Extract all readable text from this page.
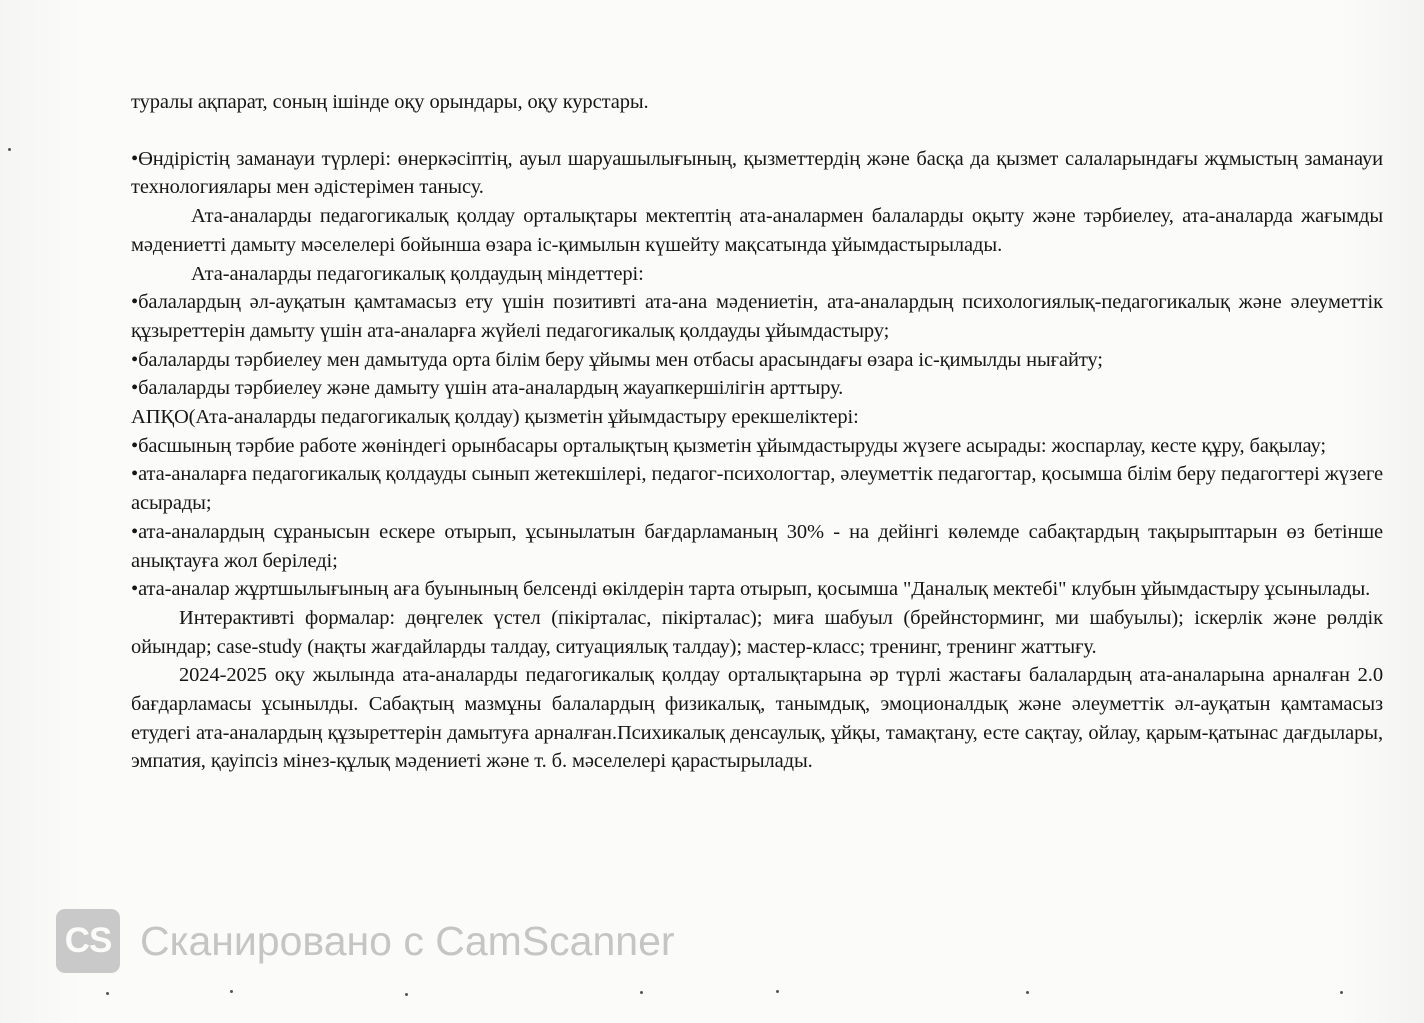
туралы ақпарат, соның ішінде оқу орындары, оқу курстары.

•Өндірістің заманауи түрлері: өнеркәсіптің, ауыл шаруашылығының, қызметтердің және басқа да қызмет салаларындағы жұмыстың заманауи технологиялары мен әдістерімен танысу.

Ата-аналарды педагогикалық қолдау орталықтары мектептің ата-аналармен балаларды оқыту және тәрбиелеу, ата-аналарда жағымды мәдениетті дамыту мәселелері бойынша өзара іс-қимылын күшейту мақсатында ұйымдастырылады.

Ата-аналарды педагогикалық қолдаудың міндеттері:

•балалардың әл-ауқатын қамтамасыз ету үшін позитивті ата-ана мәдениетін, ата-аналардың психологиялық-педагогикалық және әлеуметтік құзыреттерін дамыту үшін ата-аналарға жүйелі педагогикалық қолдауды ұйымдастыру;

•балаларды тәрбиелеу мен дамытуда орта білім беру ұйымы мен отбасы арасындағы өзара іс-қимылды нығайту;

•балаларды тәрбиелеу және дамыту үшін ата-аналардың жауапкершілігін арттыру.

АПҚО(Ата-аналарды педагогикалық қолдау) қызметін ұйымдастыру ерекшеліктері:

•басшының тәрбие работе жөніндегі орынбасары орталықтың қызметін ұйымдастыруды жүзеге асырады: жоспарлау, кесте құру, бақылау;

•ата-аналарға педагогикалық қолдауды сынып жетекшілері, педагог-психологтар, әлеуметтік педагогтар, қосымша білім беру педагогтері жүзеге асырады;

•ата-аналардың сұранысын ескере отырып, ұсынылатын бағдарламаның 30% - на дейінгі көлемде сабақтардың тақырыптарын өз бетінше анықтауға жол беріледі;

•ата-аналар жұртшылығының аға буынының белсенді өкілдерін тарта отырып, қосымша "Даналық мектебі" клубын ұйымдастыру ұсынылады.

Интерактивті формалар: дөңгелек үстел (пікірталас, пікірталас); миға шабуыл (брейнсторминг, ми шабуылы); іскерлік және рөлдік ойындар; case-study (нақты жағдайларды талдау, ситуациялық талдау); мастер-класс; тренинг, тренинг жаттығу.

2024-2025 оқу жылында ата-аналарды педагогикалық қолдау орталықтарына әр түрлі жастағы балалардың ата-аналарына арналған 2.0 бағдарламасы ұсынылды. Сабақтың мазмұны балалардың физикалық, танымдық, эмоционалдық және әлеуметтік әл-ауқатын қамтамасыз етудегі ата-аналардың құзыреттерін дамытуға арналған.Психикалық денсаулық, ұйқы, тамақтану, есте сақтау, ойлау, қарым-қатынас дағдылары, эмпатия, қауіпсіз мінез-құлық мәдениеті және т. б. мәселелері қарастырылады.

CS Сканировано с CamScanner
